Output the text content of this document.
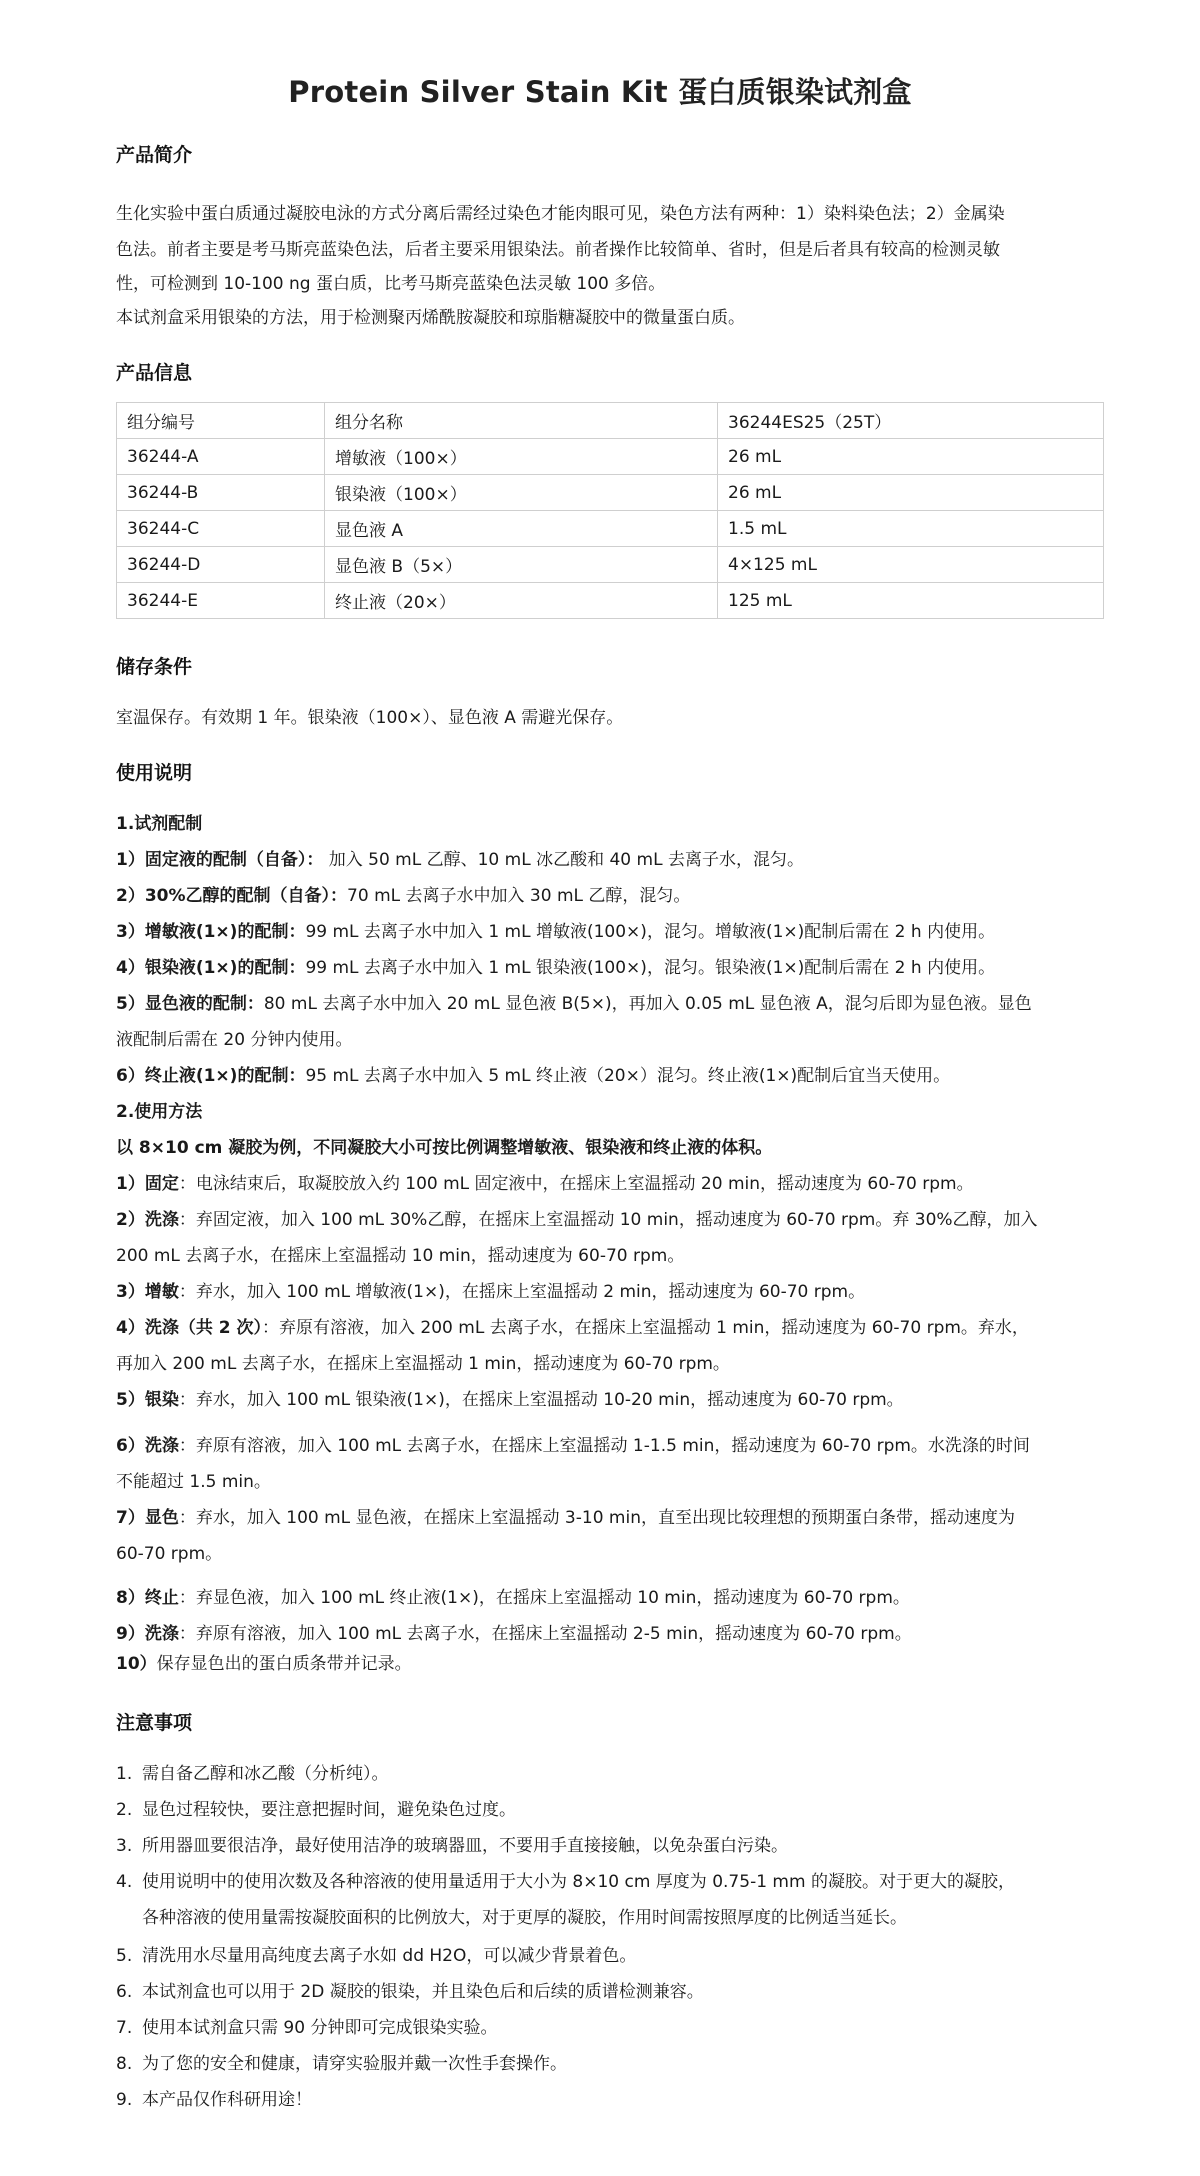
Protein Silver Stain Kit 蛋白质银染试剂盒
产品简介
生化实验中蛋白质通过凝胶电泳的方式分离后需经过染色才能肉眼可见，染色方法有两种：1）染料染色法；2）金属染
色法。前者主要是考马斯亮蓝染色法，后者主要采用银染法。前者操作比较简单、省时，但是后者具有较高的检测灵敏
性，可检测到 10-100 ng 蛋白质，比考马斯亮蓝染色法灵敏 100 多倍。
本试剂盒采用银染的方法，用于检测聚丙烯酰胺凝胶和琼脂糖凝胶中的微量蛋白质。
产品信息
组分编号	组分名称	36244ES25（25T）
36244-A	增敏液（100×）	26 mL
36244-B	银染液（100×）	26 mL
36244-C	显色液 A	1.5 mL
36244-D	显色液 B（5×）	4×125 mL
36244-E	终止液（20×）	125 mL
储存条件
室温保存。有效期 1 年。银染液（100×）、显色液 A 需避光保存。
使用说明
1.试剂配制
1）固定液的配制（自备）： 加入 50 mL 乙醇、10 mL 冰乙酸和 40 mL 去离子水，混匀。
2）30%乙醇的配制（自备）：70 mL 去离子水中加入 30 mL 乙醇，混匀。
3）增敏液(1×)的配制：99 mL 去离子水中加入 1 mL 增敏液(100×)，混匀。增敏液(1×)配制后需在 2 h 内使用。
4）银染液(1×)的配制：99 mL 去离子水中加入 1 mL 银染液(100×)，混匀。银染液(1×)配制后需在 2 h 内使用。
5）显色液的配制：80 mL 去离子水中加入 20 mL 显色液 B(5×)，再加入 0.05 mL 显色液 A，混匀后即为显色液。显色
液配制后需在 20 分钟内使用。
6）终止液(1×)的配制：95 mL 去离子水中加入 5 mL 终止液（20×）混匀。终止液(1×)配制后宜当天使用。
2.使用方法
以 8×10 cm 凝胶为例，不同凝胶大小可按比例调整增敏液、银染液和终止液的体积。
1）固定：电泳结束后，取凝胶放入约 100 mL 固定液中，在摇床上室温摇动 20 min，摇动速度为 60-70 rpm。
2）洗涤：弃固定液，加入 100 mL 30%乙醇，在摇床上室温摇动 10 min，摇动速度为 60-70 rpm。弃 30%乙醇，加入
200 mL 去离子水，在摇床上室温摇动 10 min，摇动速度为 60-70 rpm。
3）增敏：弃水，加入 100 mL 增敏液(1×)，在摇床上室温摇动 2 min，摇动速度为 60-70 rpm。
4）洗涤（共 2 次）：弃原有溶液，加入 200 mL 去离子水，在摇床上室温摇动 1 min，摇动速度为 60-70 rpm。弃水，
再加入 200 mL 去离子水，在摇床上室温摇动 1 min，摇动速度为 60-70 rpm。
5）银染：弃水，加入 100 mL 银染液(1×)，在摇床上室温摇动 10-20 min，摇动速度为 60-70 rpm。
6）洗涤：弃原有溶液，加入 100 mL 去离子水，在摇床上室温摇动 1-1.5 min，摇动速度为 60-70 rpm。水洗涤的时间
不能超过 1.5 min。
7）显色：弃水，加入 100 mL 显色液，在摇床上室温摇动 3-10 min，直至出现比较理想的预期蛋白条带，摇动速度为
60-70 rpm。
8）终止：弃显色液，加入 100 mL 终止液(1×)，在摇床上室温摇动 10 min，摇动速度为 60-70 rpm。
9）洗涤：弃原有溶液，加入 100 mL 去离子水，在摇床上室温摇动 2-5 min，摇动速度为 60-70 rpm。
10）保存显色出的蛋白质条带并记录。
注意事项
1. 需自备乙醇和冰乙酸（分析纯）。
2. 显色过程较快，要注意把握时间，避免染色过度。
3. 所用器皿要很洁净，最好使用洁净的玻璃器皿，不要用手直接接触，以免杂蛋白污染。
4. 使用说明中的使用次数及各种溶液的使用量适用于大小为 8×10 cm 厚度为 0.75-1 mm 的凝胶。对于更大的凝胶，
各种溶液的使用量需按凝胶面积的比例放大，对于更厚的凝胶，作用时间需按照厚度的比例适当延长。
5. 清洗用水尽量用高纯度去离子水如 dd H2O，可以减少背景着色。
6. 本试剂盒也可以用于 2D 凝胶的银染，并且染色后和后续的质谱检测兼容。
7. 使用本试剂盒只需 90 分钟即可完成银染实验。
8. 为了您的安全和健康，请穿实验服并戴一次性手套操作。
9. 本产品仅作科研用途！
